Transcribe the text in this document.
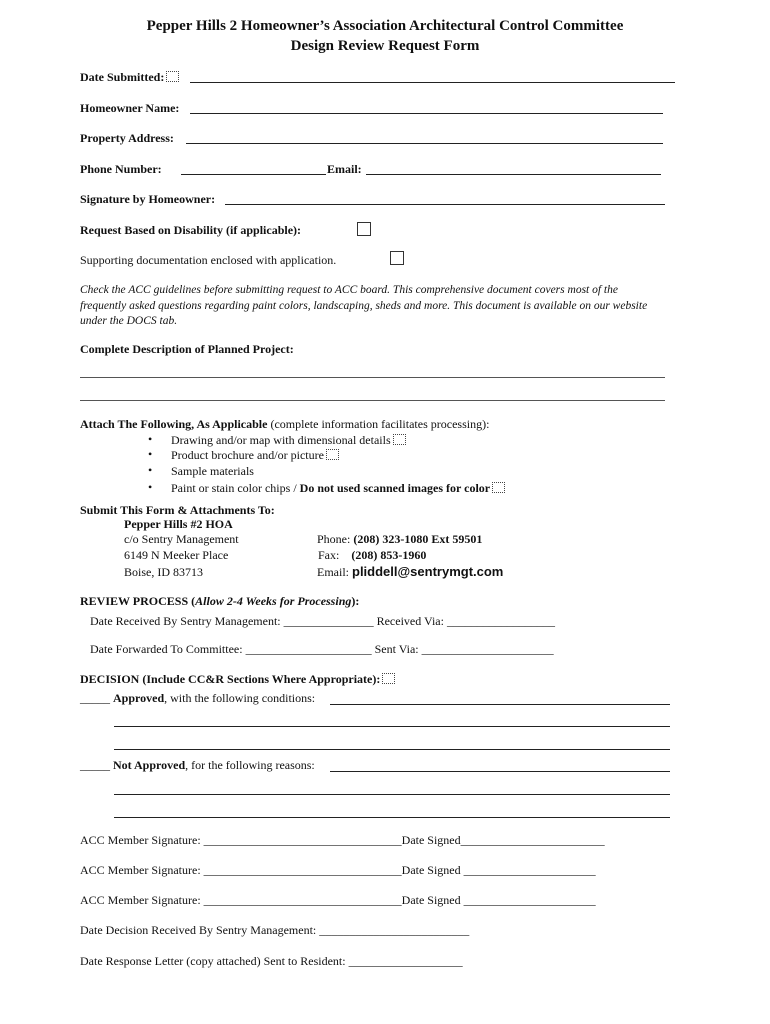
Pepper Hills 2 Homeowner’s Association Architectural Control Committee
Design Review Request Form
Date Submitted:
Homeowner Name:
Property Address:
Phone Number:	Email:
Signature by Homeowner:
Request Based on Disability (if applicable):
Supporting documentation enclosed with application.
Check the ACC guidelines before submitting request to ACC board. This comprehensive document covers most of the
frequently asked questions regarding paint colors, landscaping, sheds and more. This document is available on our website
under the DOCS tab.
Complete Description of Planned Project:
Attach The Following, As Applicable (complete information facilitates processing):
• Drawing and/or map with dimensional details
• Product brochure and/or picture
• Sample materials
• Paint or stain color chips / Do not used scanned images for color
Submit This Form & Attachments To:
Pepper Hills #2 HOA
c/o Sentry Management
6149 N Meeker Place
Boise, ID 83713
Phone: (208) 323-1080 Ext 59501
Fax:    (208) 853-1960
Email: pliddell@sentrymgt.com
REVIEW PROCESS (Allow 2-4 Weeks for Processing):
Date Received By Sentry Management: _______________ Received Via: __________________
Date Forwarded To Committee: _____________________ Sent Via: ______________________
DECISION (Include CC&R Sections Where Appropriate):
_____ Approved, with the following conditions:
_____ Not Approved, for the following reasons:
ACC Member Signature: _________________________________Date Signed________________________
ACC Member Signature: _________________________________Date Signed ______________________
ACC Member Signature: _________________________________Date Signed ______________________
Date Decision Received By Sentry Management: _________________________
Date Response Letter (copy attached) Sent to Resident: ___________________
